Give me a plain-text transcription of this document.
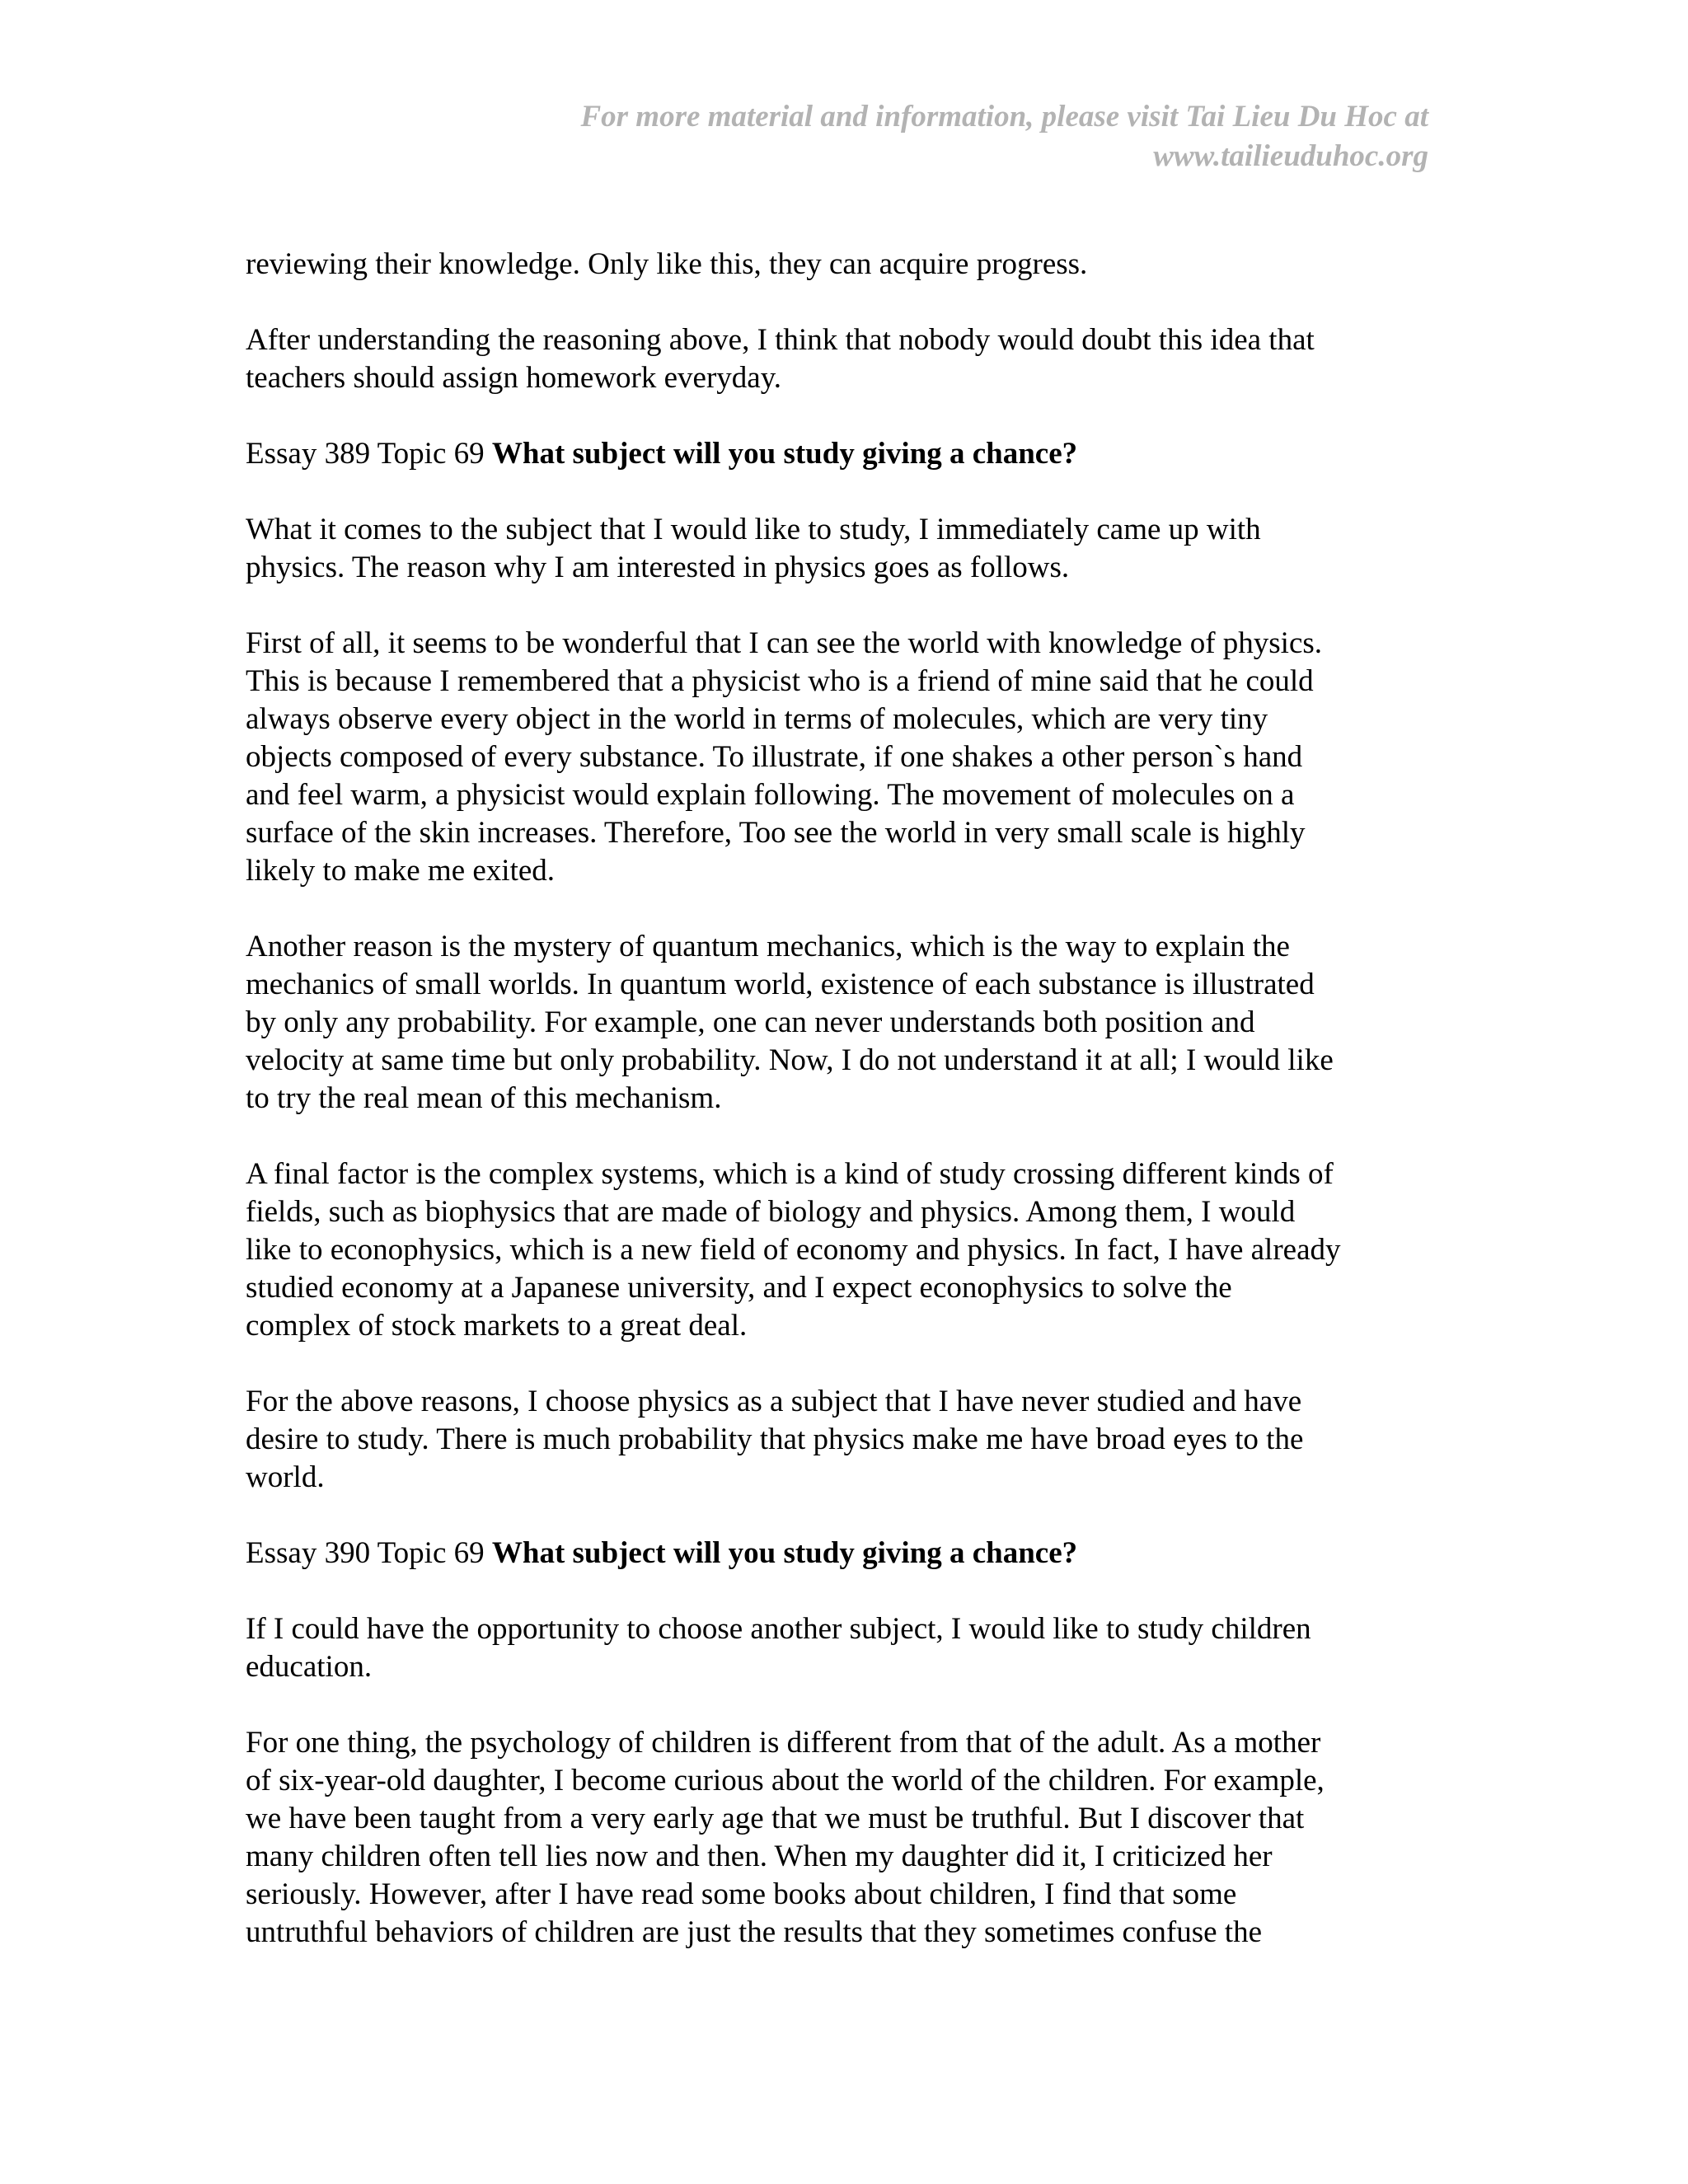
For more material and information, please visit Tai Lieu Du Hoc at
www.tailieuduhoc.org
reviewing their knowledge. Only like this, they can acquire progress.
After understanding the reasoning above, I think that nobody would doubt this idea that
teachers should assign homework everyday.
Essay 389 Topic 69 What subject will you study giving a chance?
What it comes to the subject that I would like to study, I immediately came up with
physics. The reason why I am interested in physics goes as follows.
First of all, it seems to be wonderful that I can see the world with knowledge of physics.
This is because I remembered that a physicist who is a friend of mine said that he could
always observe every object in the world in terms of molecules, which are very tiny
objects composed of every substance. To illustrate, if one shakes a other person`s hand
and feel warm, a physicist would explain following. The movement of molecules on a
surface of the skin increases. Therefore, Too see the world in very small scale is highly
likely to make me exited.
Another reason is the mystery of quantum mechanics, which is the way to explain the
mechanics of small worlds. In quantum world, existence of each substance is illustrated
by only any probability. For example, one can never understands both position and
velocity at same time but only probability. Now, I do not understand it at all; I would like
to try the real mean of this mechanism.
A final factor is the complex systems, which is a kind of study crossing different kinds of
fields, such as biophysics that are made of biology and physics. Among them, I would
like to econophysics, which is a new field of economy and physics. In fact, I have already
studied economy at a Japanese university, and I expect econophysics to solve the
complex of stock markets to a great deal.
For the above reasons, I choose physics as a subject that I have never studied and have
desire to study. There is much probability that physics make me have broad eyes to the
world.
Essay 390 Topic 69 What subject will you study giving a chance?
If I could have the opportunity to choose another subject, I would like to study children
education.
For one thing, the psychology of children is different from that of the adult. As a mother
of six-year-old daughter, I become curious about the world of the children. For example,
we have been taught from a very early age that we must be truthful. But I discover that
many children often tell lies now and then. When my daughter did it, I criticized her
seriously. However, after I have read some books about children, I find that some
untruthful behaviors of children are just the results that they sometimes confuse the
